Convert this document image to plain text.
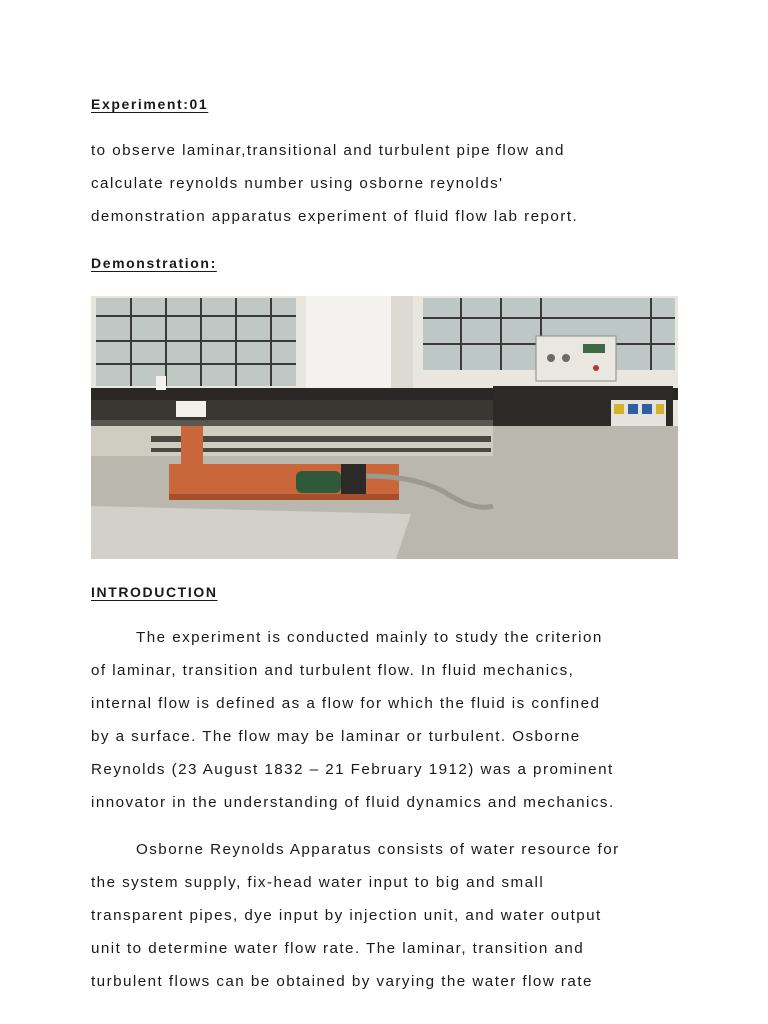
Experiment:01
to observe laminar,transitional and turbulent pipe flow and
calculate reynolds number using osborne reynolds'
demonstration apparatus experiment of fluid flow lab report.
Demonstration:
INTRODUCTION
The experiment is conducted mainly to study the criterion
of laminar, transition and turbulent flow. In fluid mechanics,
internal flow is defined as a flow for which the fluid is confined
by a surface. The flow may be laminar or turbulent. Osborne
Reynolds (23 August 1832 – 21 February 1912) was a prominent
innovator in the understanding of fluid dynamics and mechanics.
Osborne Reynolds Apparatus consists of water resource for
the system supply, fix-head water input to big and small
transparent pipes, dye input by injection unit, and water output
unit to determine water flow rate. The laminar, transition and
turbulent flows can be obtained by varying the water flow rate
